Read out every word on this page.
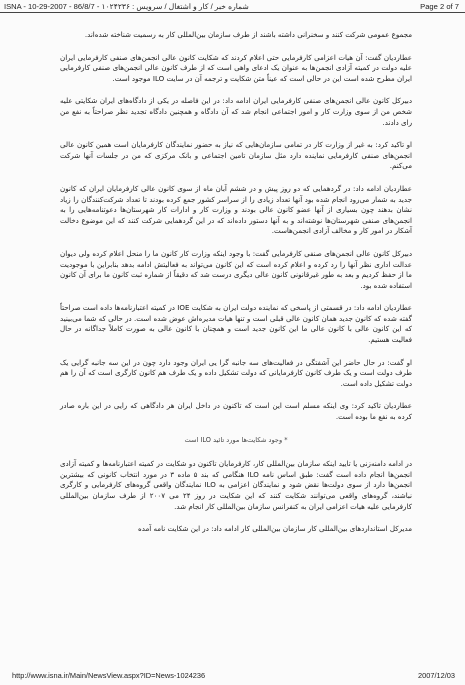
ISNA - 10-29-2007 - 86/8/7 - ۱۰۲۴۲۳۶ : شماره خبر / کار و اشتغال / سرویس	Page 2 of 7

مجموع عمومی شرکت کنند و سخنرانی داشته باشند از طرف سازمان بین‌المللی کار به رسمیت شناخته شده‌اند.

عطاردیان گفت: آن هیات اعزامی کارفرمایی حتی اعلام کردند که شکایت کانون عالی انجمن‌های صنفی کارفرمایی ایران علیه دولت در کمیته آزادی انجمن‌ها به عنوان یک ادعای واهی است که از طرف کانون عالی انجمن‌های صنفی کارفرمایی ایران مطرح شده است این در حالی است که عیناً متن شکایت و ترجمه آن در سایت ILO موجود است.

دبیرکل کانون عالی انجمن‌های صنفی کارفرمایی ایران ادامه داد: در این فاصله در یکی از دادگاه‌های ایران شکایتی علیه شخص من از سوی وزارت کار و امور اجتماعی انجام شد که آن دادگاه و همچنین دادگاه تجدید نظر صراحتاً به نفع من رای دادند.

او تاکید کرد: به غیر از وزارت کار در تمامی سازمان‌هایی که نیاز به حضور نمایندگان کارفرمایان است همین کانون عالی انجمن‌های صنفی کارفرمایی نماینده دارد مثل سازمان تامین اجتماعی و بانک مرکزی که من در جلسات آنها شرکت می‌کنم.

عطاردیان ادامه داد: در گردهمایی که دو روز پیش و در ششم آبان ماه از سوی کانون عالی کارفرمایان ایران که کانون جدید به شمار می‌رود انجام شده بود آنها تعداد زیادی را از سراسر کشور جمع کرده بودند تا تعداد شرکت‌کنندگان را زیاد نشان بدهند چون بسیاری از آنها عضو کانون عالی بودند و وزارت کار و ادارات کار شهرستان‌ها دعوتنامه‌هایی را به انجمن‌های صنفی شهرستان‌ها نوشته‌اند و به آنها دستور داده‌اند که در این گردهمایی شرکت کنند که این موضوع دخالت آشکار در امور کار و مخالف آزادی انجمن‌هاست.

دبیرکل کانون عالی انجمن‌های صنفی کارفرمایی گفت: با وجود اینکه وزارت کار کانون ما را منحل اعلام کرده ولی دیوان عدالت اداری نظر آنها را رد کرده و اعلام کرده است که این کانون می‌تواند به فعالیتش ادامه بدهد بنابراین با موجودیت ما از حفظ کردیم و بعد به طور غیرقانونی کانون عالی دیگری درست شد که دقیقاً از شماره ثبت کانون ما برای آن کانون استفاده شده بود.

عطاردیان ادامه داد: در قسمتی از پاسخی که نماینده دولت ایران به شکایت IOE در کمیته اعتبارنامه‌ها داده است صراحتاً گفته شده که کانون جدید همان کانون عالی قبلی است و تنها هیات مدیره‌اش عوض شده است. در حالی که شما می‌بینید که این کانون عالی با کانون عالی ما این کانون جدید است و همچنان با کانون عالی به صورت کاملاً جداگانه در حال فعالیت هستیم.

او گفت: در حال حاضر این آشفتگی در فعالیت‌های سه جانبه گرا یی ایران وجود دارد چون در این سه جانبه گرایی یک طرف دولت است و یک طرف کانون کارفرمایانی که دولت تشکیل داده و یک طرف هم کانون کارگری است که آن را هم دولت تشکیل داده است.

عطاردیان تاکید کرد: وی اینکه مسلم است این است که تاکنون در داخل ایران هر دادگاهی که رایی در این باره صادر کرده به نفع ما بوده است.

* وجود شکایت‌ها مورد تائید ILO است

در ادامه دامنه‌زنی یا تایید اینکه سازمان بین‌المللی کار، کارفرمایان تاکنون دو شکایت در کمیته اعتبارنامه‌ها و کمیته آزادی انجمن‌ها انجام داده است گفت: طبق اساس نامه ILO هنگامی که بند ۵ ماده ۳ در مورد انتخاب کانونی که بیشترین انجمن‌ها دارد از سوی دولت‌ها نقض شود و نمایندگان اعزامی به ILO نمایندگان واقعی گروه‌های کارفرمایی و کارگری نباشند، گروه‌های واقعی می‌توانند شکایت کنند که این شکایت در روز ۲۴ می ۲۰۰۷ از طرف سازمان بین‌المللی کارفرمایی علیه هیات اعزامی ایران به کنفرانس سازمان بین‌المللی کار انجام شد.

مدیرکل استانداردهای بین‌المللی کار سازمان بین‌المللی کار ادامه داد: در این شکایت نامه آمده

http://www.isna.ir/Main/NewsView.aspx?ID=News-1024236	2007/12/03
